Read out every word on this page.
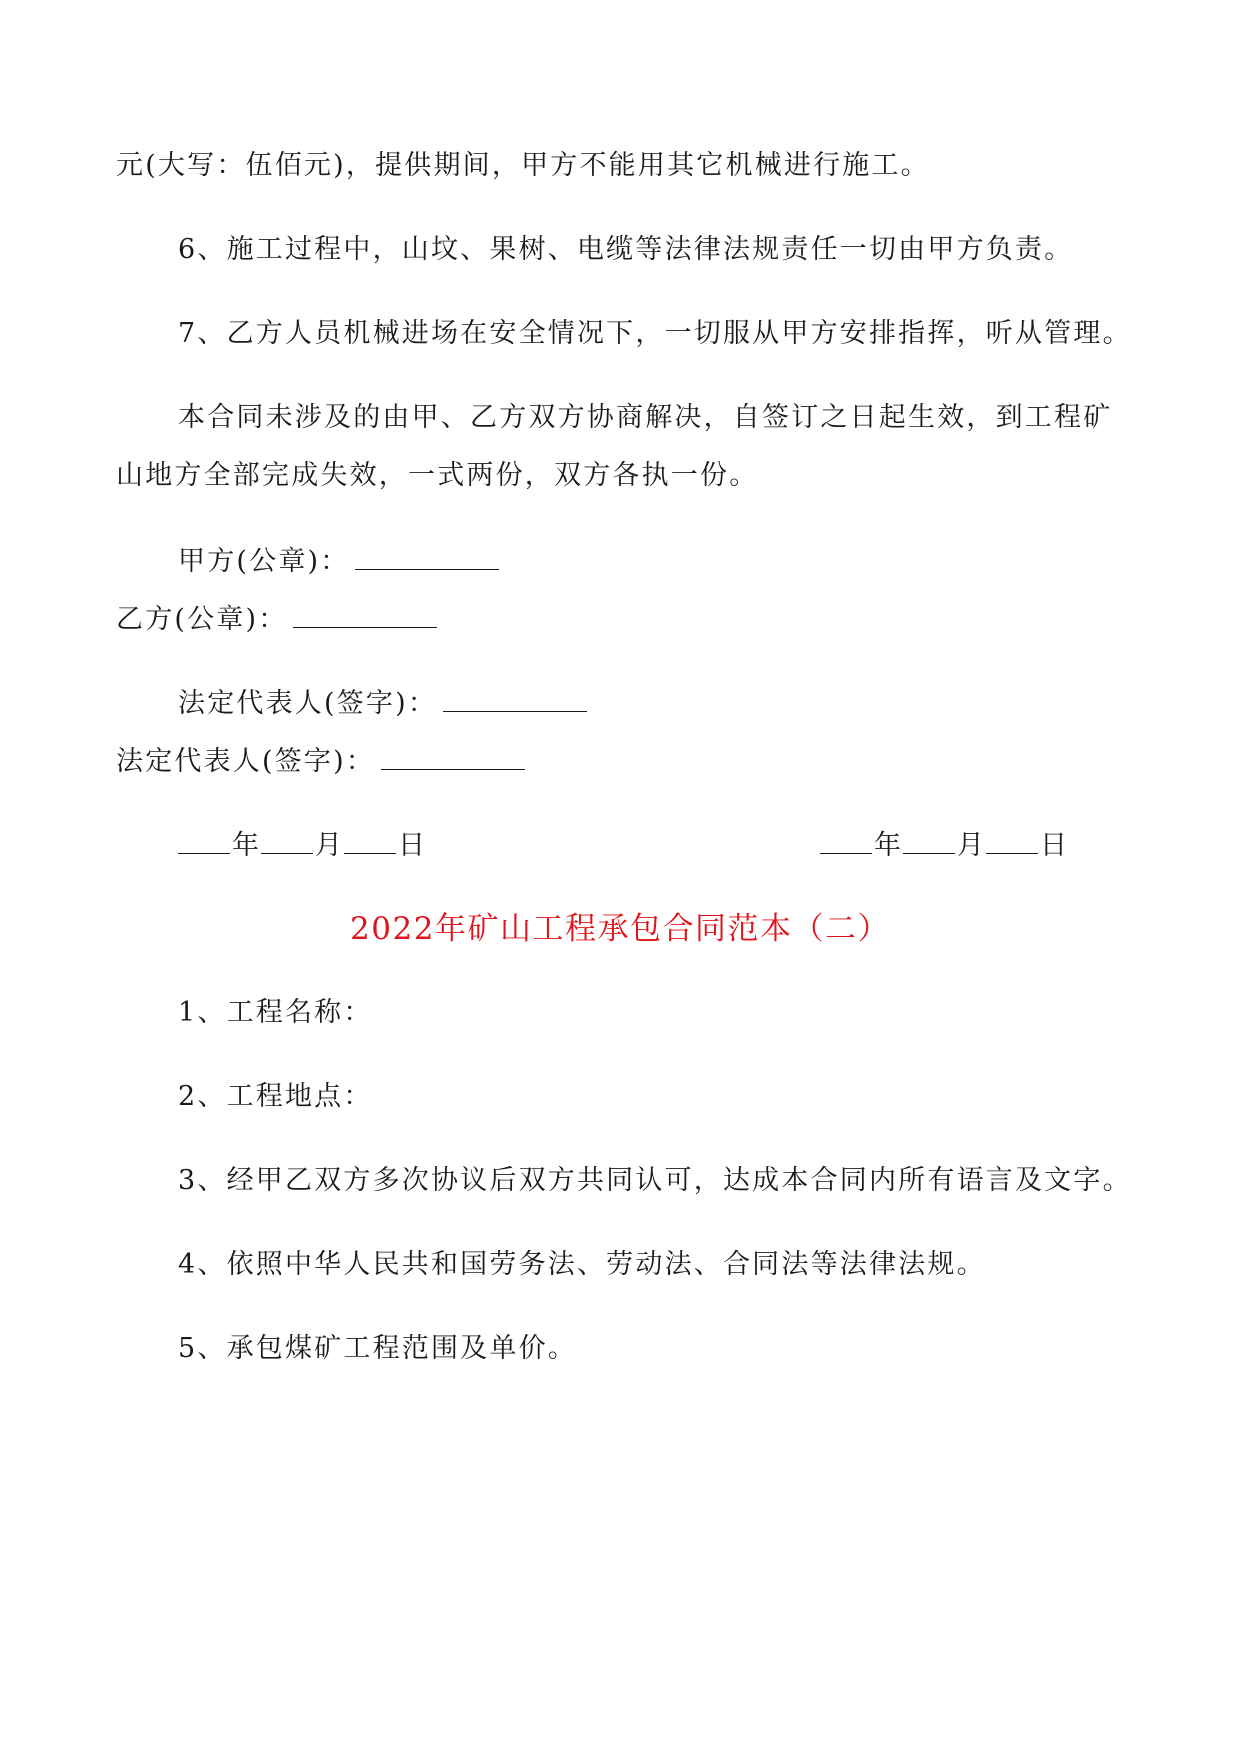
元(大写：伍佰元)，提供期间，甲方不能用其它机械进行施工。
6、施工过程中，山坟、果树、电缆等法律法规责任一切由甲方负责。
7、乙方人员机械进场在安全情况下，一切服从甲方安排指挥，听从管理。
本合同未涉及的由甲、乙方双方协商解决，自签订之日起生效，到工程矿
山地方全部完成失效，一式两份，双方各执一份。
甲方(公章)：
乙方(公章)：
法定代表人(签字)：
法定代表人(签字)：
年 月 日	年 月 日
2022年矿山工程承包合同范本（二）
1、工程名称：
2、工程地点：
3、经甲乙双方多次协议后双方共同认可，达成本合同内所有语言及文字。
4、依照中华人民共和国劳务法、劳动法、合同法等法律法规。
5、承包煤矿工程范围及单价。
